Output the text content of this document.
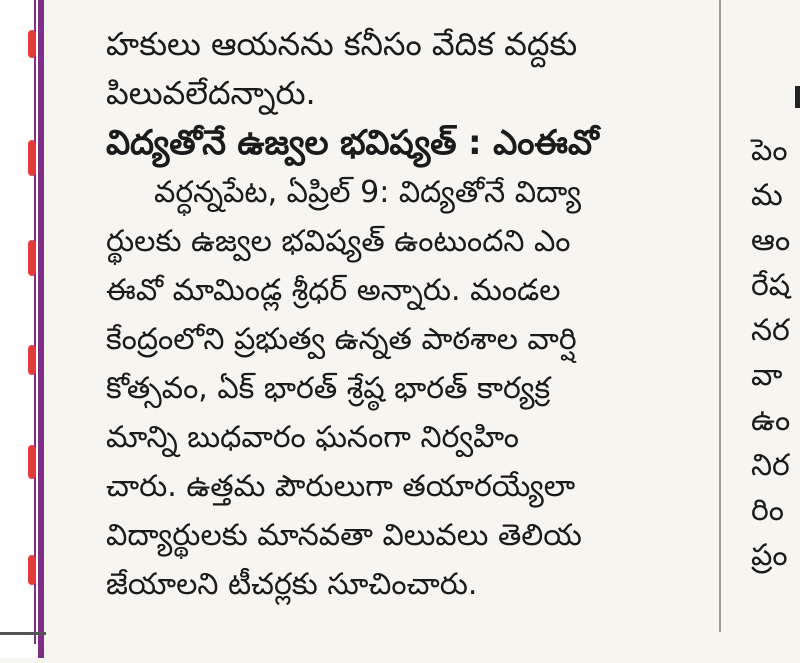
హకులు ఆయనను కనీసం వేదిక వద్దకు

పిలువలేదన్నారు.

విద్యతోనే ఉజ్వల భవిష్యత్ : ఎంఈవో

వర్ధన్నపేట, ఏప్రిల్ 9: విద్యతోనే విద్యా

ర్థులకు ఉజ్వల భవిష్యత్ ఉంటుందని ఎం

ఈవో మామిండ్ల శ్రీధర్ అన్నారు. మండల

కేంద్రంలోని ప్రభుత్వ ఉన్నత పాఠశాల వార్షి

కోత్సవం, ఏక్ భారత్ శ్రేష్ఠ భారత్ కార్యక్ర

మాన్ని బుధవారం ఘనంగా నిర్వహిం

చారు. ఉత్తమ పౌరులుగా తయారయ్యేలా

విద్యార్థులకు మానవతా విలువలు తెలియ

జేయాలని టీచర్లకు సూచించారు.

పెం

మ

ఆం

రేష

నర

వా

ఉం

నిర

రిం

ప్రం
